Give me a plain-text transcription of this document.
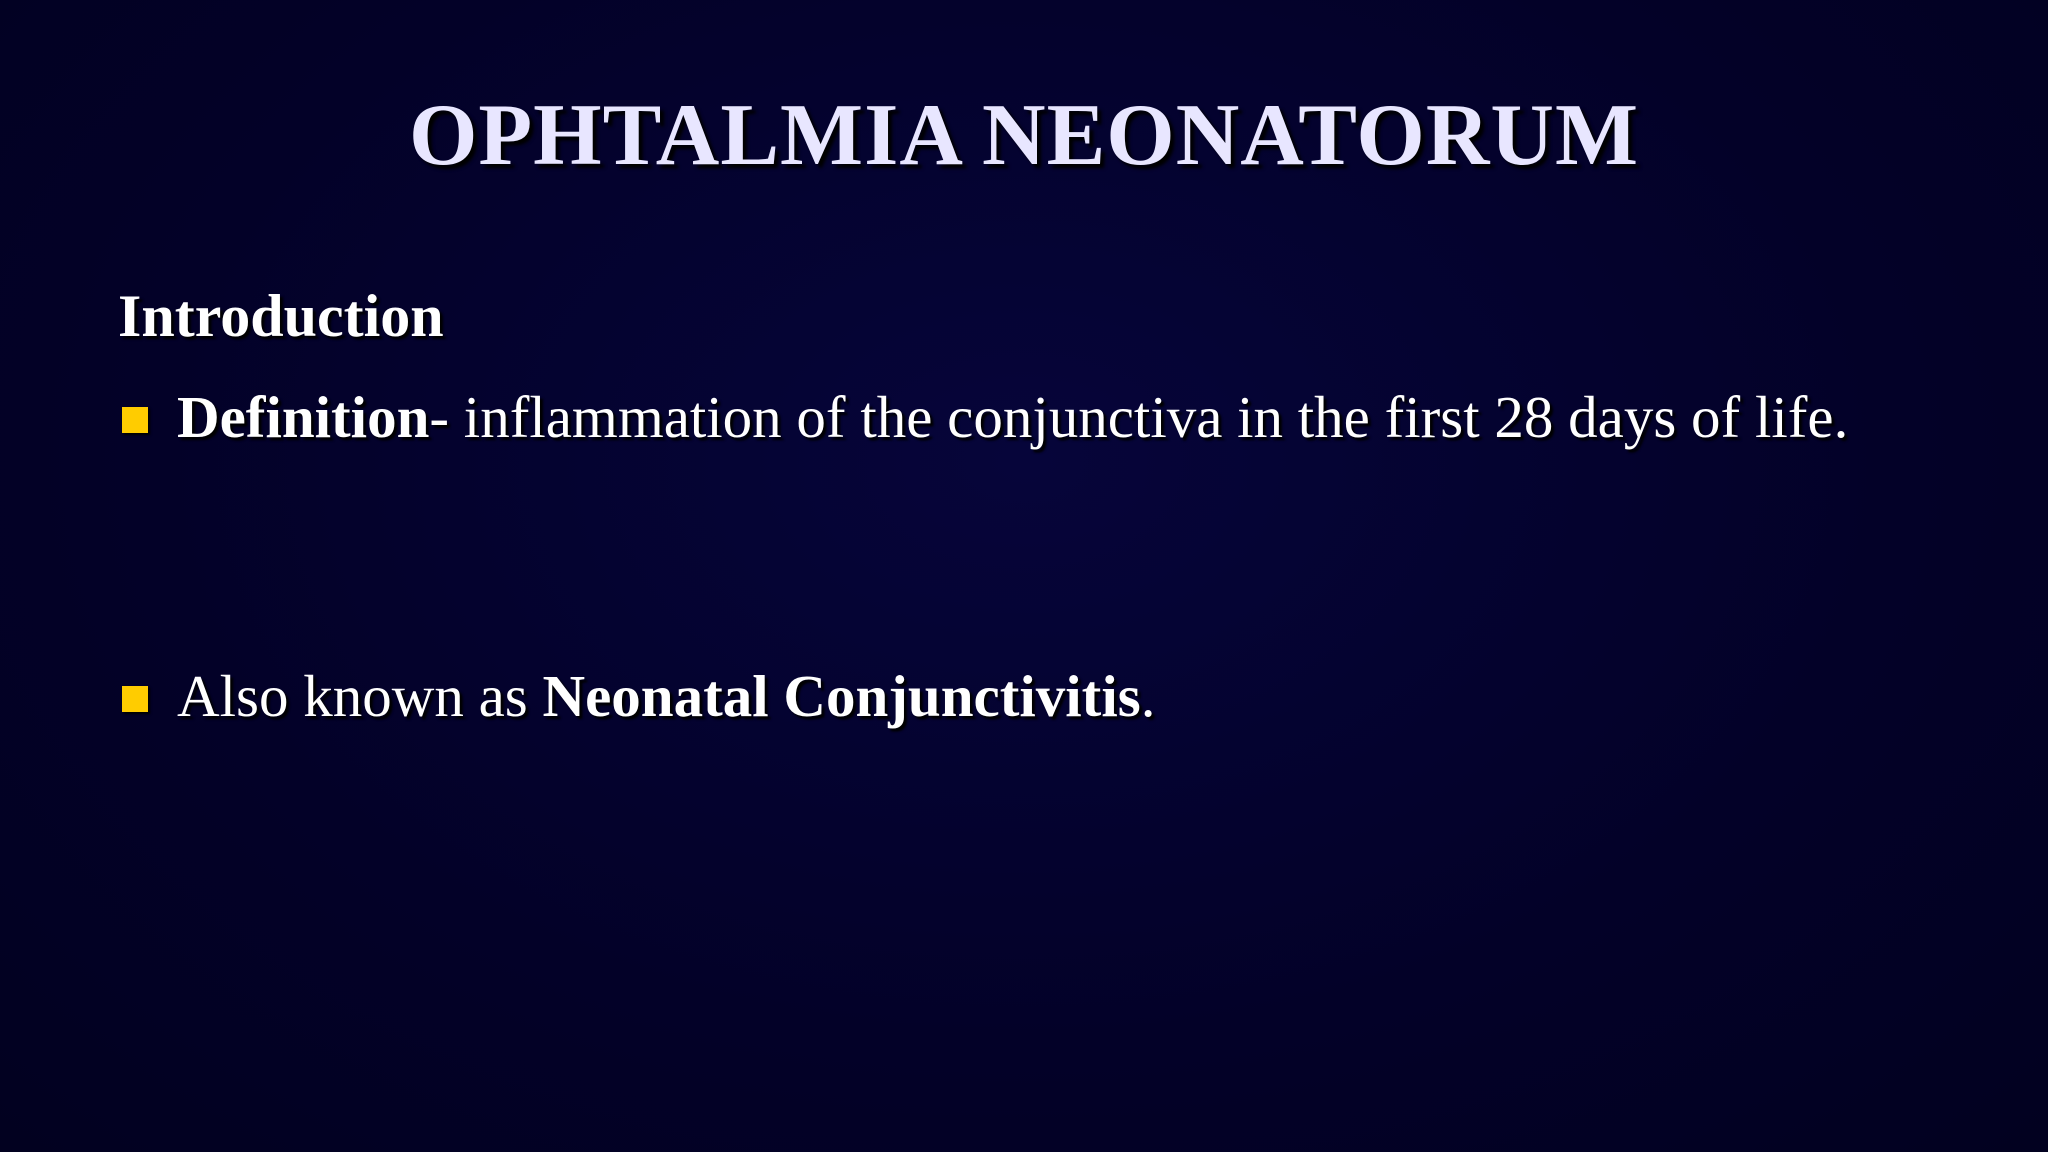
OPHTALMIA NEONATORUM
Introduction
Definition- inflammation of the conjunctiva in the first 28 days of life.
Also known as Neonatal Conjunctivitis.
